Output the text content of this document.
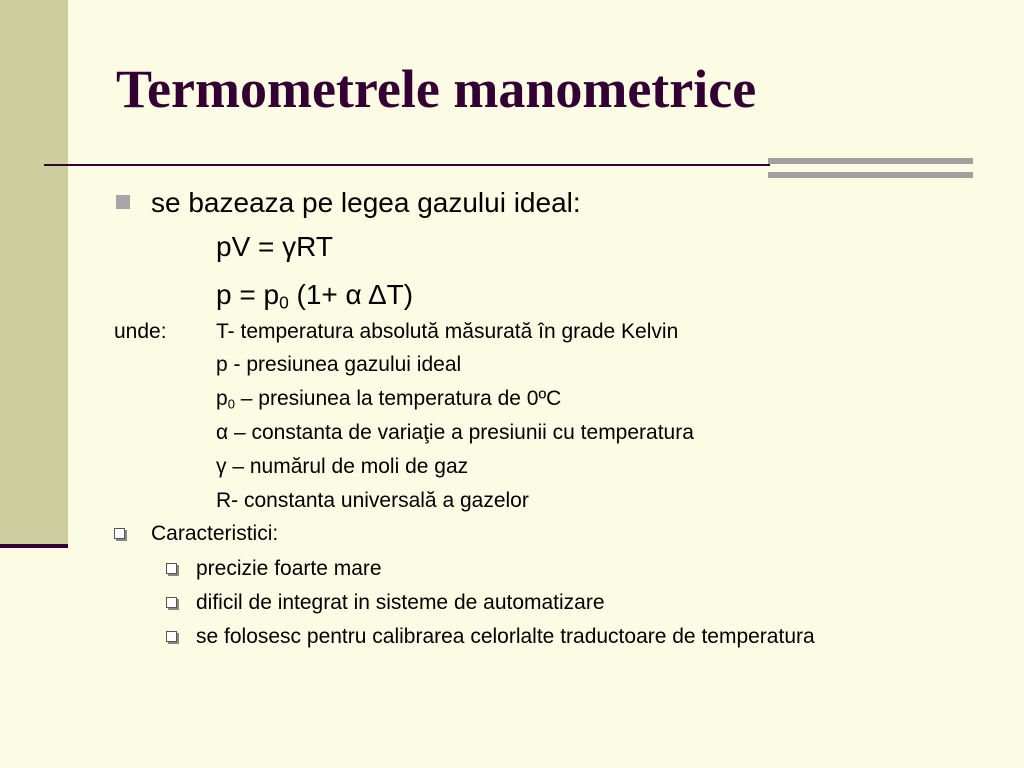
Termometrele manometrice
se bazeaza pe legea gazului ideal:
pV = γRT
$p = p_0$ (1+ α ΔT)
unde: T- temperatura absolută măsurată în grade Kelvin
p - presiunea gazului ideal
$p_0$ – presiunea la temperatura de 0ºC
α – constanta de variaţie a presiunii cu temperatura
γ – numărul de moli de gaz
R- constanta universală a gazelor
Caracteristici:
precizie foarte mare
dificil de integrat in sisteme de automatizare
se folosesc pentru calibrarea celorlalte traductoare de temperatura
